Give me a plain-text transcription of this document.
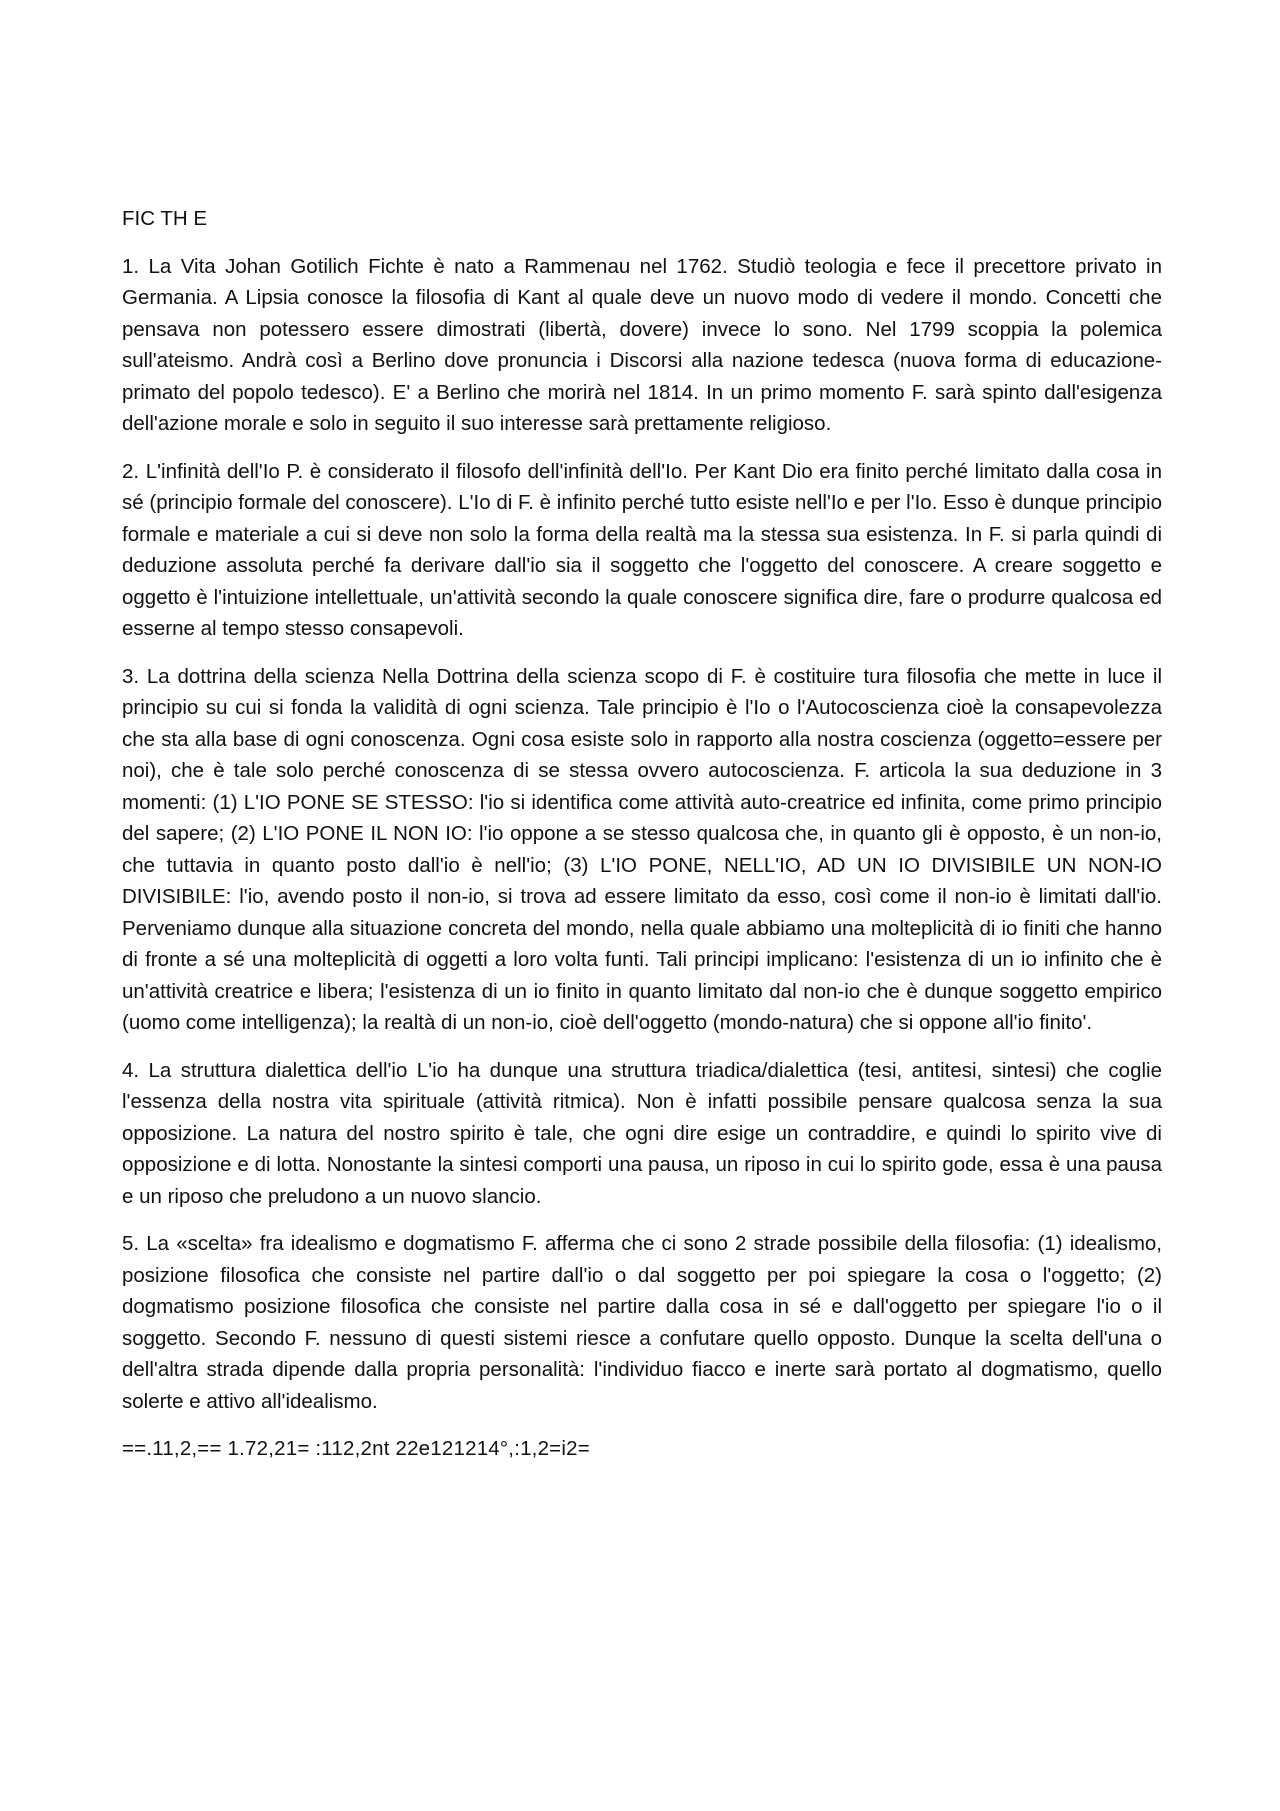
FIC TH E

1. La Vita Johan Gotilich Fichte è nato a Rammenau nel 1762. Studiò teologia e fece il precettore privato in Germania. A Lipsia conosce la filosofia di Kant al quale deve un nuovo modo di vedere il mondo. Concetti che pensava non potessero essere dimostrati (libertà, dovere) invece lo sono. Nel 1799 scoppia la polemica sull'ateismo. Andrà così a Berlino dove pronuncia i Discorsi alla nazione tedesca (nuova forma di educazione-primato del popolo tedesco). E' a Berlino che morirà nel 1814. In un primo momento F. sarà spinto dall'esigenza dell'azione morale e solo in seguito il suo interesse sarà prettamente religioso.

2. L'infinità dell'Io P. è considerato il filosofo dell'infinità dell'Io. Per Kant Dio era finito perché limitato dalla cosa in sé (principio formale del conoscere). L'Io di F. è infinito perché tutto esiste nell'Io e per l'Io. Esso è dunque principio formale e materiale a cui si deve non solo la forma della realtà ma la stessa sua esistenza. In F. si parla quindi di deduzione assoluta perché fa derivare dall'io sia il soggetto che l'oggetto del conoscere. A creare soggetto e oggetto è l'intuizione intellettuale, un'attività secondo la quale conoscere significa dire, fare o produrre qualcosa ed esserne al tempo stesso consapevoli.

3. La dottrina della scienza Nella Dottrina della scienza scopo di F. è costituire tura filosofia che mette in luce il principio su cui si fonda la validità di ogni scienza. Tale principio è l'Io o l'Autocoscienza cioè la consapevolezza che sta alla base di ogni conoscenza. Ogni cosa esiste solo in rapporto alla nostra coscienza (oggetto=essere per noi), che è tale solo perché conoscenza di se stessa ovvero autocoscienza. F. articola la sua deduzione in 3 momenti: (1) L'IO PONE SE STESSO: l'io si identifica come attività auto-creatrice ed infinita, come primo principio del sapere; (2) L'IO PONE IL NON IO: l'io oppone a se stesso qualcosa che, in quanto gli è opposto, è un non-io, che tuttavia in quanto posto dall'io è nell'io; (3) L'IO PONE, NELL'IO, AD UN IO DIVISIBILE UN NON-IO DIVISIBILE: l'io, avendo posto il non-io, si trova ad essere limitato da esso, così come il non-io è limitati dall'io. Perveniamo dunque alla situazione concreta del mondo, nella quale abbiamo una molteplicità di io finiti che hanno di fronte a sé una molteplicità di oggetti a loro volta funti. Tali principi implicano: l'esistenza di un io infinito che è un'attività creatrice e libera; l'esistenza di un io finito in quanto limitato dal non-io che è dunque soggetto empirico (uomo come intelligenza); la realtà di un non-io, cioè dell'oggetto (mondo-natura) che si oppone all'io finito'.

4. La struttura dialettica dell'io L'io ha dunque una struttura triadica/dialettica (tesi, antitesi, sintesi) che coglie l'essenza della nostra vita spirituale (attività ritmica). Non è infatti possibile pensare qualcosa senza la sua opposizione. La natura del nostro spirito è tale, che ogni dire esige un contraddire, e quindi lo spirito vive di opposizione e di lotta. Nonostante la sintesi comporti una pausa, un riposo in cui lo spirito gode, essa è una pausa e un riposo che preludono a un nuovo slancio.

5. La «scelta» fra idealismo e dogmatismo F. afferma che ci sono 2 strade possibile della filosofia: (1) idealismo, posizione filosofica che consiste nel partire dall'io o dal soggetto per poi spiegare la cosa o l'oggetto; (2) dogmatismo posizione filosofica che consiste nel partire dalla cosa in sé e dall'oggetto per spiegare l'io o il soggetto. Secondo F. nessuno di questi sistemi riesce a confutare quello opposto. Dunque la scelta dell'una o dell'altra strada dipende dalla propria personalità: l'individuo fiacco e inerte sarà portato al dogmatismo, quello solerte e attivo all'idealismo.

==.11,2,== 1.72,21= :112,2nt 22e121214°,:1,2=i2=
